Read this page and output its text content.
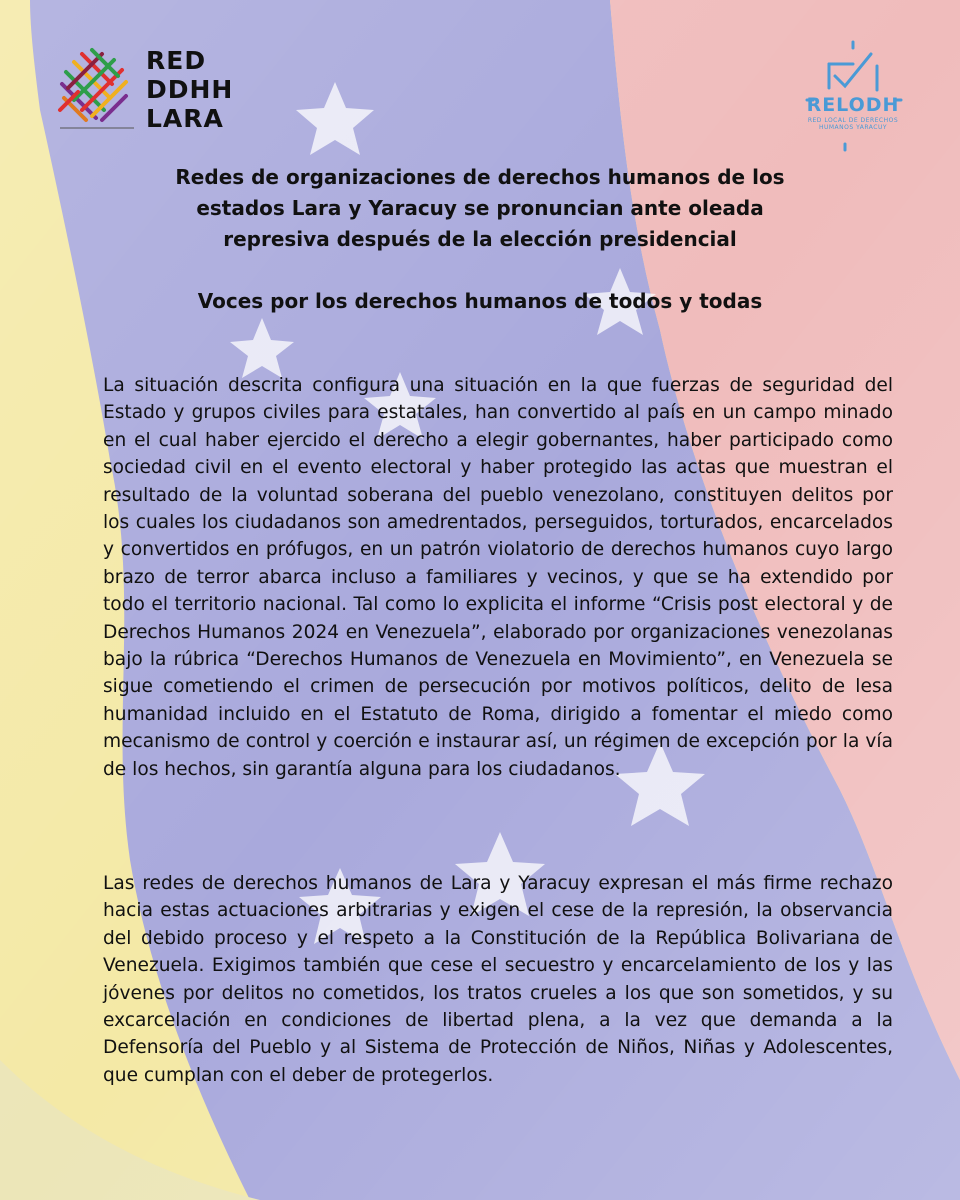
RED
DDHH
LARA	RELODH
RED LOCAL DE DERECHOS HUMANOS YARACUY
Redes de organizaciones de derechos humanos de los estados Lara y Yaracuy se pronuncian ante oleada represiva después de la elección presidencial
Voces por los derechos humanos de todos y todas
La situación descrita configura una situación en la que fuerzas de seguridad del Estado y grupos civiles para estatales, han convertido al país en un campo minado en el cual haber ejercido el derecho a elegir gobernantes, haber participado como sociedad civil en el evento electoral y haber protegido las actas que muestran el resultado de la voluntad soberana del pueblo venezolano, constituyen delitos por los cuales los ciudadanos son amedrentados, perseguidos, torturados, encarcelados y convertidos en prófugos, en un patrón violatorio de derechos humanos cuyo largo brazo de terror abarca incluso a familiares y vecinos, y que se ha extendido por todo el territorio nacional. Tal como lo explicita el informe “Crisis post electoral y de Derechos Humanos 2024 en Venezuela”, elaborado por organizaciones venezolanas bajo la rúbrica “Derechos Humanos de Venezuela en Movimiento”, en Venezuela se sigue cometiendo el crimen de persecución por motivos políticos, delito de lesa humanidad incluido en el Estatuto de Roma, dirigido a fomentar el miedo como mecanismo de control y coerción e instaurar así, un régimen de excepción por la vía de los hechos, sin garantía alguna para los ciudadanos.
Las redes de derechos humanos de Lara y Yaracuy expresan el más firme rechazo hacia estas actuaciones arbitrarias y exigen el cese de la represión, la observancia del debido proceso y el respeto a la Constitución de la República Bolivariana de Venezuela. Exigimos también que cese el secuestro y encarcelamiento de los y las jóvenes por delitos no cometidos, los tratos crueles a los que son sometidos, y su excarcelación en condiciones de libertad plena, a la vez que demanda a la Defensoría del Pueblo y al Sistema de Protección de Niños, Niñas y Adolescentes, que cumplan con el deber de protegerlos.
